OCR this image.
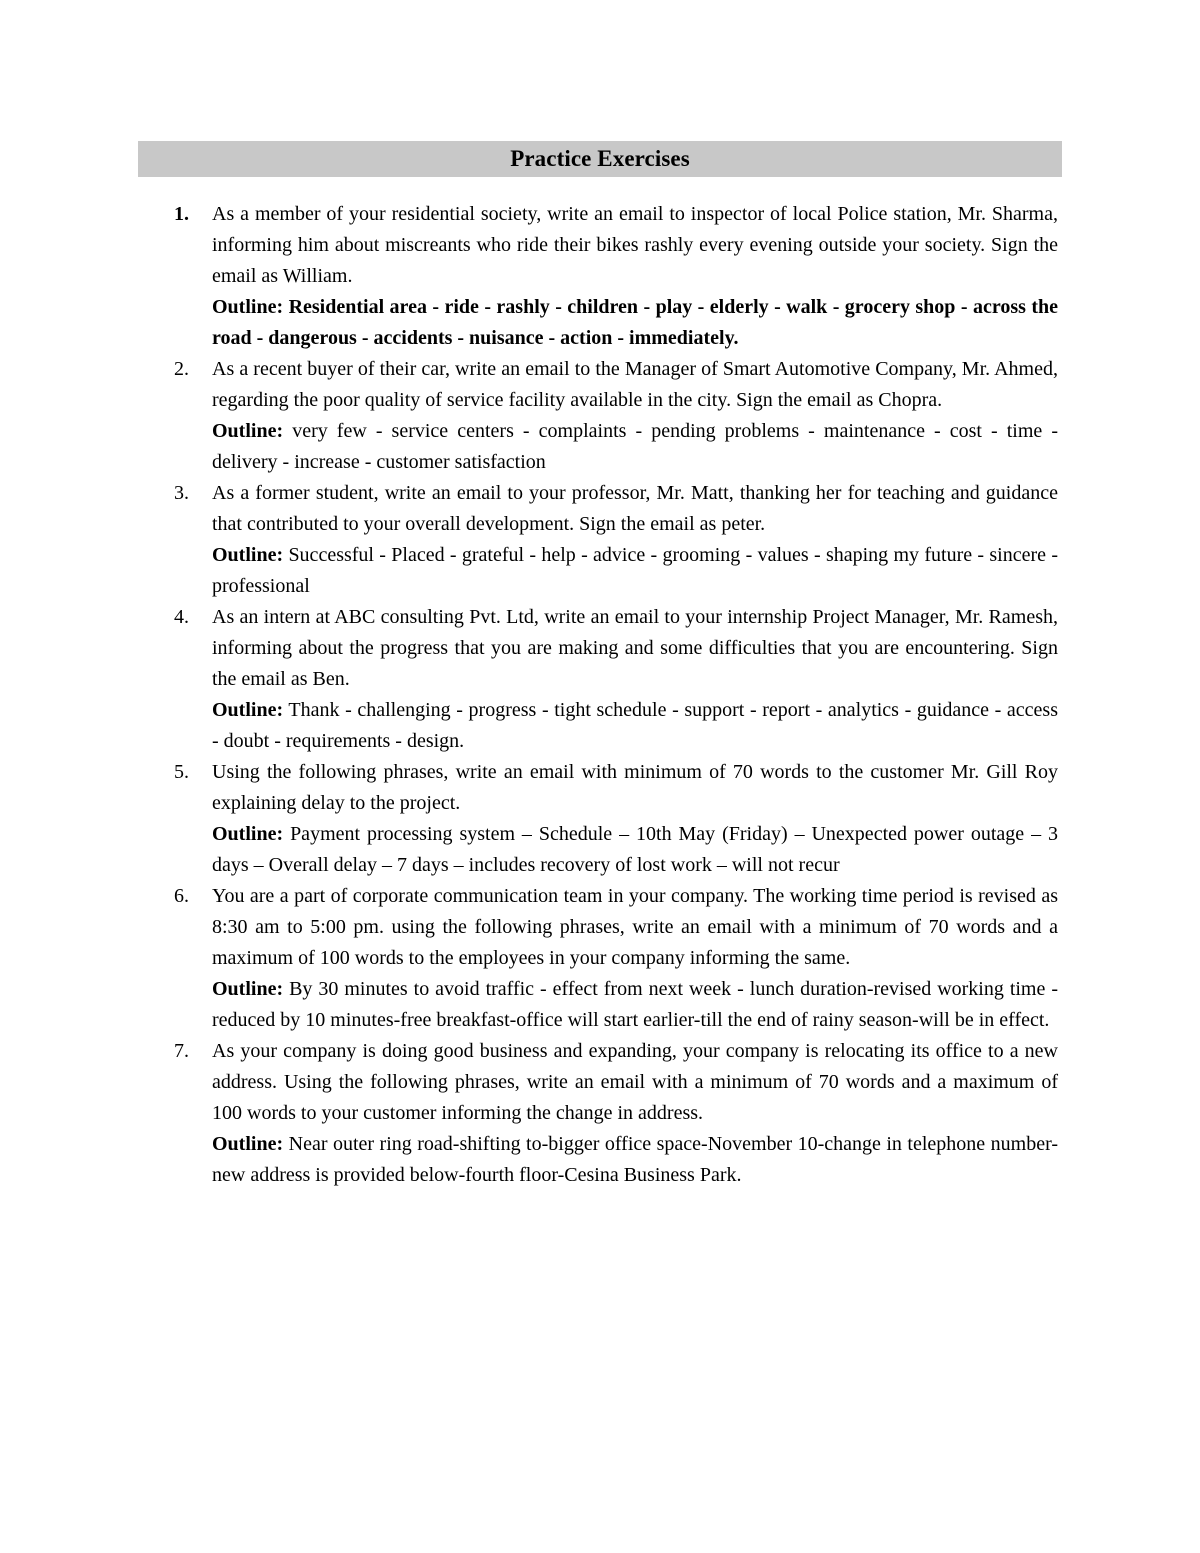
Practice Exercises
1.	As a member of your residential society, write an email to inspector of local Police station, Mr. Sharma, informing him about miscreants who ride their bikes rashly every evening outside your society. Sign the email as William.

Outline: Residential area - ride - rashly - children - play - elderly - walk - grocery shop - across the road - dangerous - accidents - nuisance - action - immediately.

2.	As a recent buyer of their car, write an email to the Manager of Smart Automotive Company, Mr. Ahmed, regarding the poor quality of service facility available in the city. Sign the email as Chopra.

Outline: very few - service centers - complaints - pending problems - maintenance - cost - time - delivery - increase - customer satisfaction

3.	As a former student, write an email to your professor, Mr. Matt, thanking her for teaching and guidance that contributed to your overall development. Sign the email as peter.

Outline: Successful - Placed - grateful - help - advice - grooming - values - shaping my future - sincere - professional

4.	As an intern at ABC consulting Pvt. Ltd, write an email to your internship Project Manager, Mr. Ramesh, informing about the progress that you are making and some difficulties that you are encountering. Sign the email as Ben.

Outline: Thank - challenging - progress - tight schedule - support - report - analytics - guidance - access - doubt - requirements - design.

5.	Using the following phrases, write an email with minimum of 70 words to the customer Mr. Gill Roy explaining delay to the project.

Outline: Payment processing system – Schedule – 10th May (Friday) – Unexpected power outage – 3 days – Overall delay – 7 days – includes recovery of lost work – will not recur

6.	You are a part of corporate communication team in your company. The working time period is revised as 8:30 am to 5:00 pm. using the following phrases, write an email with a minimum of 70 words and a maximum of 100 words to the employees in your company informing the same.

Outline: By 30 minutes to avoid traffic - effect from next week - lunch duration-revised working time - reduced by 10 minutes-free breakfast-office will start earlier-till the end of rainy season-will be in effect.

7.	As your company is doing good business and expanding, your company is relocating its office to a new address. Using the following phrases, write an email with a minimum of 70 words and a maximum of 100 words to your customer informing the change in address.

Outline: Near outer ring road-shifting to-bigger office space-November 10-change in telephone number-new address is provided below-fourth floor-Cesina Business Park.
